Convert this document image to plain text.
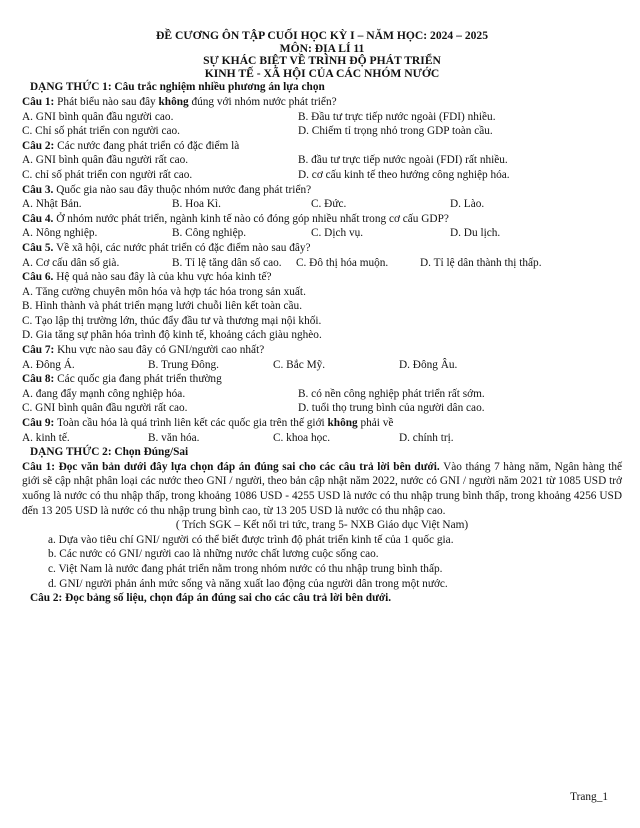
ĐỀ CƯƠNG ÔN TẬP CUỐI HỌC KỲ I – NĂM HỌC: 2024 – 2025
MÔN: ĐỊA LÍ 11
SỰ KHÁC BIỆT VỀ TRÌNH ĐỘ PHÁT TRIỂN
KINH TẾ - XÃ HỘI CỦA CÁC NHÓM NƯỚC
DẠNG THỨC 1: Câu trắc nghiệm nhiều phương án lựa chọn
Câu 1: Phát biểu nào sau đây không đúng với nhóm nước phát triển?
A. GNI bình quân đầu người cao.	B. Đầu tư trực tiếp nước ngoài (FDI) nhiều.
C. Chỉ số phát triển con người cao.	D. Chiếm tỉ trọng nhỏ trong GDP toàn cầu.
Câu 2: Các nước đang phát triển có đặc điểm là
A. GNI bình quân đầu người rất cao.	B. đầu tư trực tiếp nước ngoài (FDI) rất nhiều.
C. chỉ số phát triển con người rất cao.	D. cơ cấu kinh tế theo hướng công nghiệp hóa.
Câu 3. Quốc gia nào sau đây thuộc nhóm nước đang phát triển?
A. Nhật Bản.	B. Hoa Kì.	C. Đức.	D. Lào.
Câu 4. Ở nhóm nước phát triển, ngành kinh tế nào có đóng góp nhiều nhất trong cơ cấu GDP?
A. Nông nghiệp.	B. Công nghiệp.	C. Dịch vụ.	D. Du lịch.
Câu 5. Về xã hội, các nước phát triển có đặc điểm nào sau đây?
A. Cơ cấu dân số già.	B. Tỉ lệ tăng dân số cao.	C. Đô thị hóa muộn.	D. Tỉ lệ dân thành thị thấp.
Câu 6. Hệ quả nào sau đây là của khu vực hóa kinh tế?
A. Tăng cường chuyên môn hóa và hợp tác hóa trong sản xuất.
B. Hình thành và phát triển mạng lưới chuỗi liên kết toàn cầu.
C. Tạo lập thị trường lớn, thúc đẩy đầu tư và thương mại nội khối.
D. Gia tăng sự phân hóa trình độ kinh tế, khoảng cách giàu nghèo.
Câu 7: Khu vực nào sau đây có GNI/người cao nhất?
A. Đông Á.	B. Trung Đông.	C. Bắc Mỹ.	D. Đông Âu.
Câu 8: Các quốc gia đang phát triển thường
A. đang đẩy mạnh công nghiệp hóa.	B. có nền công nghiệp phát triển rất sớm.
C. GNI bình quân đầu người rất cao.	D. tuổi thọ trung bình của người dân cao.
Câu 9: Toàn cầu hóa là quá trình liên kết các quốc gia trên thế giới không phải về
A. kinh tế.	B. văn hóa.	C. khoa học.	D. chính trị.
DẠNG THỨC 2: Chọn Đúng/Sai
Câu 1: Đọc văn bản dưới đây lựa chọn đáp án đúng sai cho các câu trả lời bên dưới. Vào tháng 7 hàng năm, Ngân hàng thế giới sẽ cập nhật phân loại các nước theo GNI / người, theo bản cập nhật năm 2022, nước có GNI / người năm 2021 từ 1085 USD trở xuống là nước có thu nhập thấp, trong khoảng 1086 USD - 4255 USD là nước có thu nhập trung bình thấp, trong khoảng 4256 USD đến 13 205 USD là nước có thu nhập trung bình cao, từ 13 205 USD là nước có thu nhập cao.
( Trích SGK – Kết nối tri tức, trang 5- NXB Giáo dục Việt Nam)
a. Dựa vào tiêu chí GNI/ người có thể biết được trình độ phát triển kinh tế của 1 quốc gia.
b. Các nước có GNI/ người cao là những nước chất lương cuộc sống cao.
c. Việt Nam là nước đang phát triển nằm trong nhóm nước có thu nhập trung bình thấp.
d. GNI/ người phản ánh mức sống và năng xuất lao động của người dân trong một nước.
Câu 2: Đọc bảng số liệu, chọn đáp án đúng sai cho các câu trả lời bên dưới.
Trang_1
